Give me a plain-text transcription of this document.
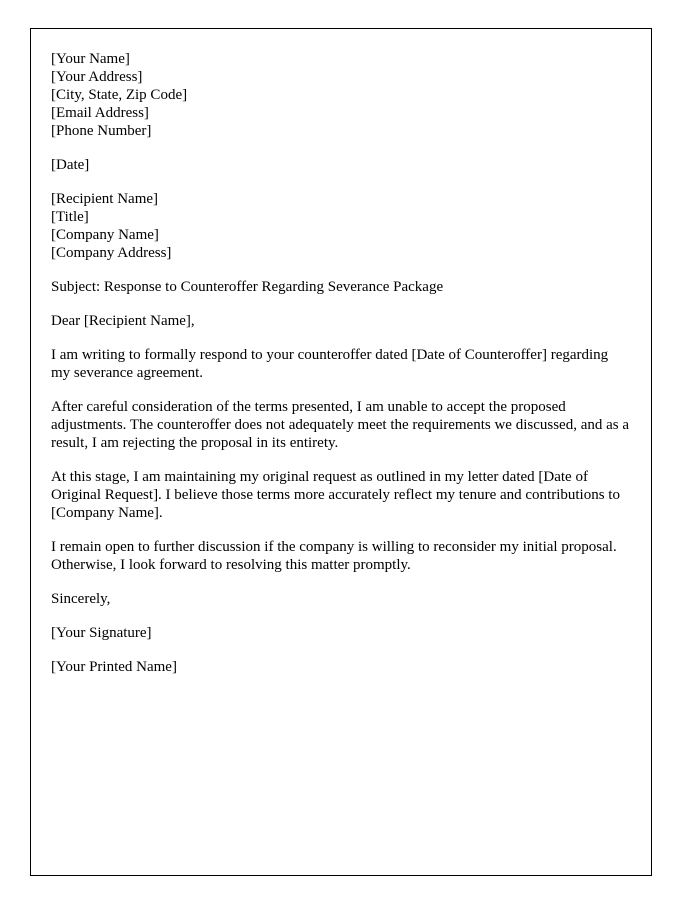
[Your Name]
[Your Address]
[City, State, Zip Code]
[Email Address]
[Phone Number]
[Date]
[Recipient Name]
[Title]
[Company Name]
[Company Address]

Subject: Response to Counteroffer Regarding Severance Package

Dear [Recipient Name],

I am writing to formally respond to your counteroffer dated [Date of Counteroffer] regarding my severance agreement.

After careful consideration of the terms presented, I am unable to accept the proposed adjustments. The counteroffer does not adequately meet the requirements we discussed, and as a result, I am rejecting the proposal in its entirety.

At this stage, I am maintaining my original request as outlined in my letter dated [Date of Original Request]. I believe those terms more accurately reflect my tenure and contributions to [Company Name].

I remain open to further discussion if the company is willing to reconsider my initial proposal. Otherwise, I look forward to resolving this matter promptly.

Sincerely,

[Your Signature]

[Your Printed Name]
